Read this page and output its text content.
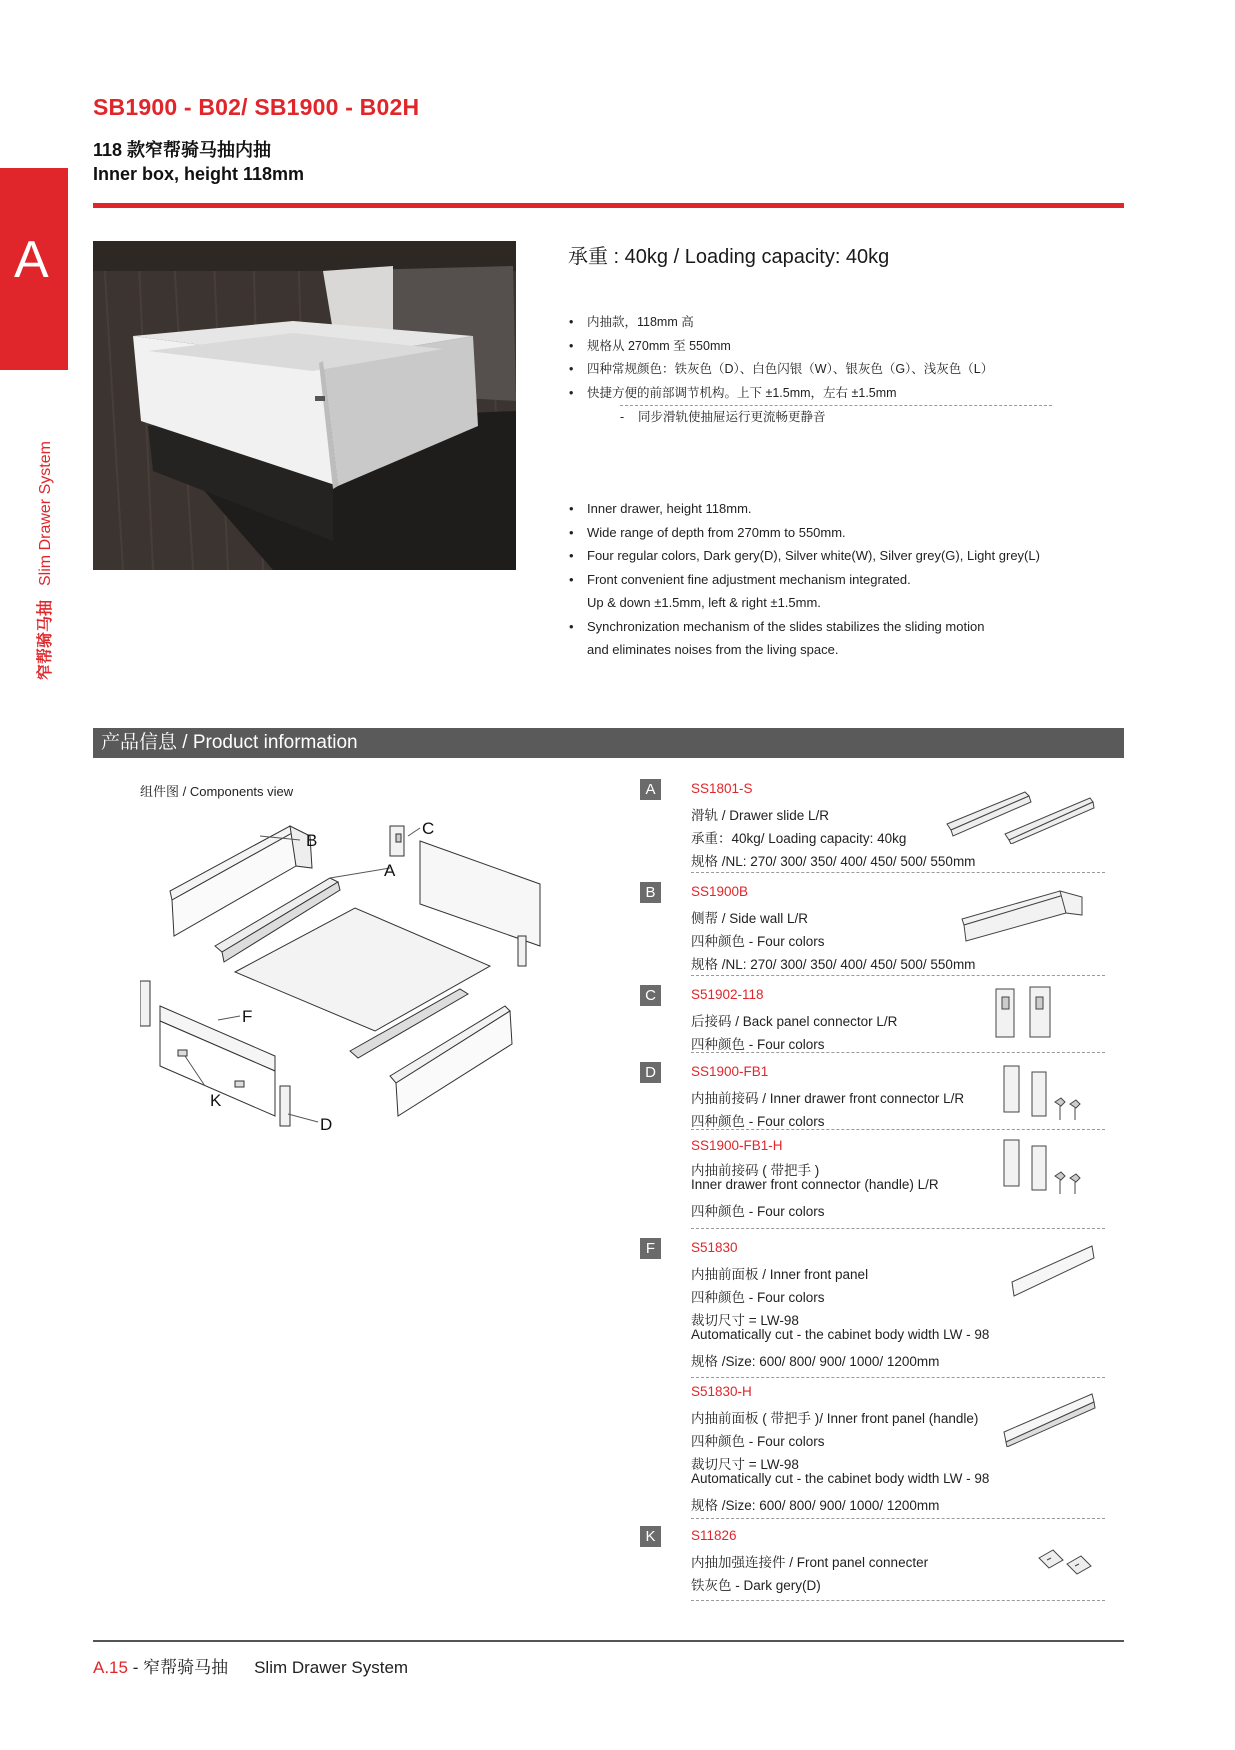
SB1900 - B02/ SB1900 - B02H
118 款窄帮骑马抽内抽
Inner box, height 118mm
A
窄帮骑马抽Slim Drawer System
承重 : 40kg / Loading capacity: 40kg
• 内抽款，118mm 高
• 规格从 270mm 至 550mm
• 四种常规颜色：铁灰色（D）、白色闪银（W）、银灰色（G）、浅灰色（L）
• 快捷方便的前部调节机构。上下 ±1.5mm，左右 ±1.5mm
- 同步滑轨使抽屉运行更流畅更静音
• Inner drawer, height 118mm.
• Wide range of depth from 270mm to 550mm.
• Four regular colors, Dark gery(D), Silver white(W), Silver grey(G), Light grey(L)
• Front convenient fine adjustment mechanism integrated.
Up & down ±1.5mm, left & right ±1.5mm.
• Synchronization mechanism of the slides stabilizes the sliding motion
and eliminates noises from the living space.
产品信息 / Product information
组件图 / Components view
B
C
A
F
K
D
A	SS1801-S
滑轨 / Drawer slide L/R
承重：40kg/ Loading capacity: 40kg
规格 /NL: 270/ 300/ 350/ 400/ 450/ 500/ 550mm
B	SS1900B
侧帮 / Side wall L/R
四种颜色 - Four colors
规格 /NL: 270/ 300/ 350/ 400/ 450/ 500/ 550mm
C	S51902-118
后接码 / Back panel connector L/R
四种颜色 - Four colors
D	SS1900-FB1
内抽前接码 / Inner drawer front connector L/R
四种颜色 - Four colors
SS1900-FB1-H
内抽前接码 ( 带把手 )
Inner drawer front connector (handle) L/R
四种颜色 - Four colors
F	S51830
内抽前面板 / Inner front panel
四种颜色 - Four colors
裁切尺寸 = LW-98
Automatically cut - the cabinet body width LW - 98
规格 /Size: 600/ 800/ 900/ 1000/ 1200mm
S51830-H
内抽前面板 ( 带把手 )/ Inner front panel (handle)
四种颜色 - Four colors
裁切尺寸 = LW-98
Automatically cut - the cabinet body width LW - 98
规格 /Size: 600/ 800/ 900/ 1000/ 1200mm
K	S11826
内抽加强连接件 / Front panel connecter
铁灰色 - Dark gery(D)
A.15 - 窄帮骑马抽 Slim Drawer System
